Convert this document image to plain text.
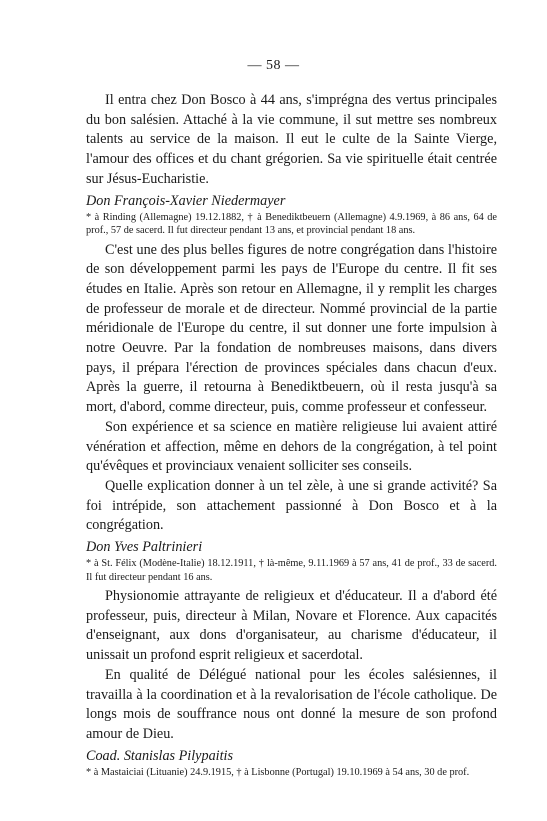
— 58 —

Il entra chez Don Bosco à 44 ans, s'imprégna des vertus principales du bon salésien. Attaché à la vie commune, il sut mettre ses nombreux talents au service de la maison. Il eut le culte de la Sainte Vierge, l'amour des offices et du chant grégorien. Sa vie spirituelle était centrée sur Jésus-Eucharistie.

Don François-Xavier Niedermayer

* à Rinding (Allemagne) 19.12.1882, † à Benediktbeuern (Allemagne) 4.9.1969, à 86 ans, 64 de prof., 57 de sacerd. Il fut directeur pendant 13 ans, et provincial pendant 18 ans.

C'est une des plus belles figures de notre congrégation dans l'histoire de son développement parmi les pays de l'Europe du centre. Il fit ses études en Italie. Après son retour en Allemagne, il y remplit les charges de professeur de morale et de directeur. Nommé provincial de la partie méridionale de l'Europe du centre, il sut donner une forte impulsion à notre Oeuvre. Par la fondation de nombreuses maisons, dans divers pays, il prépara l'érection de provinces spéciales dans chacun d'eux. Après la guerre, il retourna à Benediktbeuern, où il resta jusqu'à sa mort, d'abord, comme directeur, puis, comme professeur et confesseur.

Son expérience et sa science en matière religieuse lui avaient attiré vénération et affection, même en dehors de la congrégation, à tel point qu'évêques et provinciaux venaient solliciter ses conseils.

Quelle explication donner à un tel zèle, à une si grande activité? Sa foi intrépide, son attachement passionné à Don Bosco et à la congrégation.

Don Yves Paltrinieri

* à St. Félix (Modène-Italie) 18.12.1911, † là-même, 9.11.1969 à 57 ans, 41 de prof., 33 de sacerd. Il fut directeur pendant 16 ans.

Physionomie attrayante de religieux et d'éducateur. Il a d'abord été professeur, puis, directeur à Milan, Novare et Florence. Aux capacités d'enseignant, aux dons d'organisateur, au charisme d'éducateur, il unissait un profond esprit religieux et sacerdotal.

En qualité de Délégué national pour les écoles salésiennes, il travailla à la coordination et à la revalorisation de l'école catholique. De longs mois de souffrance nous ont donné la mesure de son profond amour de Dieu.

Coad. Stanislas Pilypaitis

* à Mastaiciai (Lituanie) 24.9.1915, † à Lisbonne (Portugal) 19.10.1969 à 54 ans, 30 de prof.
